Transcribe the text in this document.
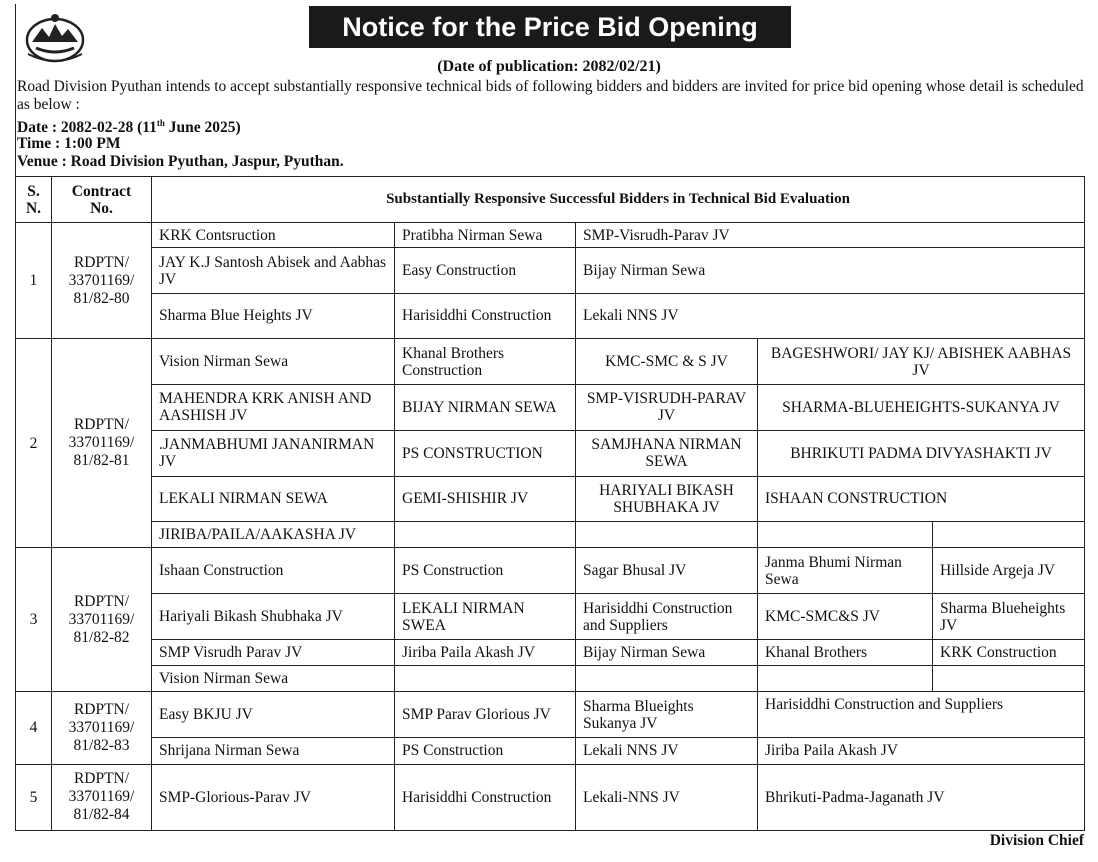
Notice for the Price Bid Opening
(Date of publication: 2082/02/21)
Road Division Pyuthan intends to accept substantially responsive technical bids of following bidders and bidders are invited for price bid opening whose detail is scheduled as below :
Date : 2082-02-28 (11th June 2025)
Time : 1:00 PM
Venue : Road Division Pyuthan, Jaspur, Pyuthan.
S. N.	Contract No.	Substantially Responsive Successful Bidders in Technical Bid Evaluation				
1	RDPTN/ 33701169/ 81/82-80	KRK Contsruction	Pratibha Nirman Sewa	SMP-Visrudh-Parav JV		
		JAY K.J Santosh Abisek and Aabhas JV	Easy Construction	Bijay Nirman Sewa		
		Sharma Blue Heights JV	Harisiddhi Construction	Lekali NNS JV		
2	RDPTN/ 33701169/ 81/82-81	Vision Nirman Sewa	Khanal Brothers Construction	KMC-SMC & S JV	BAGESHWORI/ JAY KJ/ ABISHEK AABHAS JV	
		MAHENDRA KRK ANISH AND AASHISH JV	BIJAY NIRMAN SEWA	SMP-VISRUDH-PARAV JV	SHARMA-BLUEHEIGHTS-SUKANYA JV	
		.JANMABHUMI JANANIRMAN JV	PS CONSTRUCTION	SAMJHANA NIRMAN SEWA	BHRIKUTI PADMA DIVYASHAKTI JV	
		LEKALI NIRMAN SEWA	GEMI-SHISHIR JV	HARIYALI BIKASH SHUBHAKA JV	ISHAAN CONSTRUCTION	
		JIRIBA/PAILA/AAKASHA JV				
3	RDPTN/ 33701169/ 81/82-82	Ishaan Construction	PS Construction	Sagar Bhusal JV	Janma Bhumi Nirman Sewa	Hillside Argeja JV
		Hariyali Bikash Shubhaka JV	LEKALI NIRMAN SWEA	Harisiddhi Construction and Suppliers	KMC-SMC&S JV	Sharma Blueheights JV
		SMP Visrudh Parav JV	Jiriba Paila Akash JV	Bijay Nirman Sewa	Khanal Brothers	KRK Construction
		Vision Nirman Sewa				
4	RDPTN/ 33701169/ 81/82-83	Easy BKJU JV	SMP Parav Glorious JV	Sharma Blueights Sukanya JV	Harisiddhi Construction and Suppliers	
		Shrijana Nirman Sewa	PS Construction	Lekali NNS JV	Jiriba Paila Akash JV	
5	RDPTN/ 33701169/ 81/82-84	SMP-Glorious-Parav JV	Harisiddhi Construction	Lekali-NNS JV	Bhrikuti-Padma-Jaganath JV	
Division Chief
